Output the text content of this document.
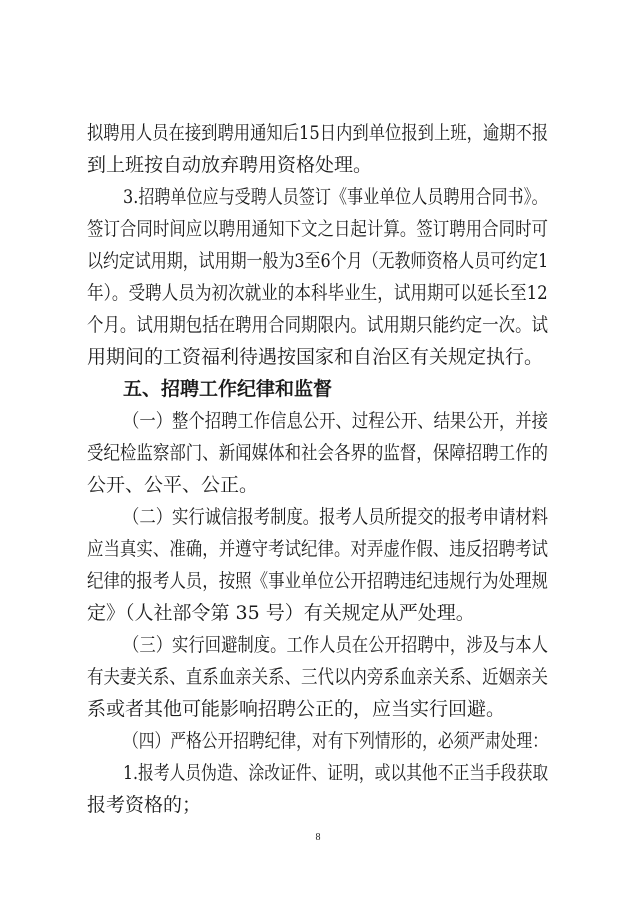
拟聘用人员在接到聘用通知后15日内到单位报到上班，逾期不报
到上班按自动放弃聘用资格处理。
3.招聘单位应与受聘人员签订《事业单位人员聘用合同书》。
签订合同时间应以聘用通知下文之日起计算。签订聘用合同时可
以约定试用期，试用期一般为3至6个月（无教师资格人员可约定1
年）。受聘人员为初次就业的本科毕业生，试用期可以延长至12
个月。试用期包括在聘用合同期限内。试用期只能约定一次。试
用期间的工资福利待遇按国家和自治区有关规定执行。
五、招聘工作纪律和监督
（一）整个招聘工作信息公开、过程公开、结果公开，并接
受纪检监察部门、新闻媒体和社会各界的监督，保障招聘工作的
公开、公平、公正。
（二）实行诚信报考制度。报考人员所提交的报考申请材料
应当真实、准确，并遵守考试纪律。对弄虚作假、违反招聘考试
纪律的报考人员，按照《事业单位公开招聘违纪违规行为处理规
定》（人社部令第 35 号）有关规定从严处理。
（三）实行回避制度。工作人员在公开招聘中，涉及与本人
有夫妻关系、直系血亲关系、三代以内旁系血亲关系、近姻亲关
系或者其他可能影响招聘公正的，应当实行回避。
（四）严格公开招聘纪律，对有下列情形的，必须严肃处理：
1.报考人员伪造、涂改证件、证明，或以其他不正当手段获取
报考资格的；
8
